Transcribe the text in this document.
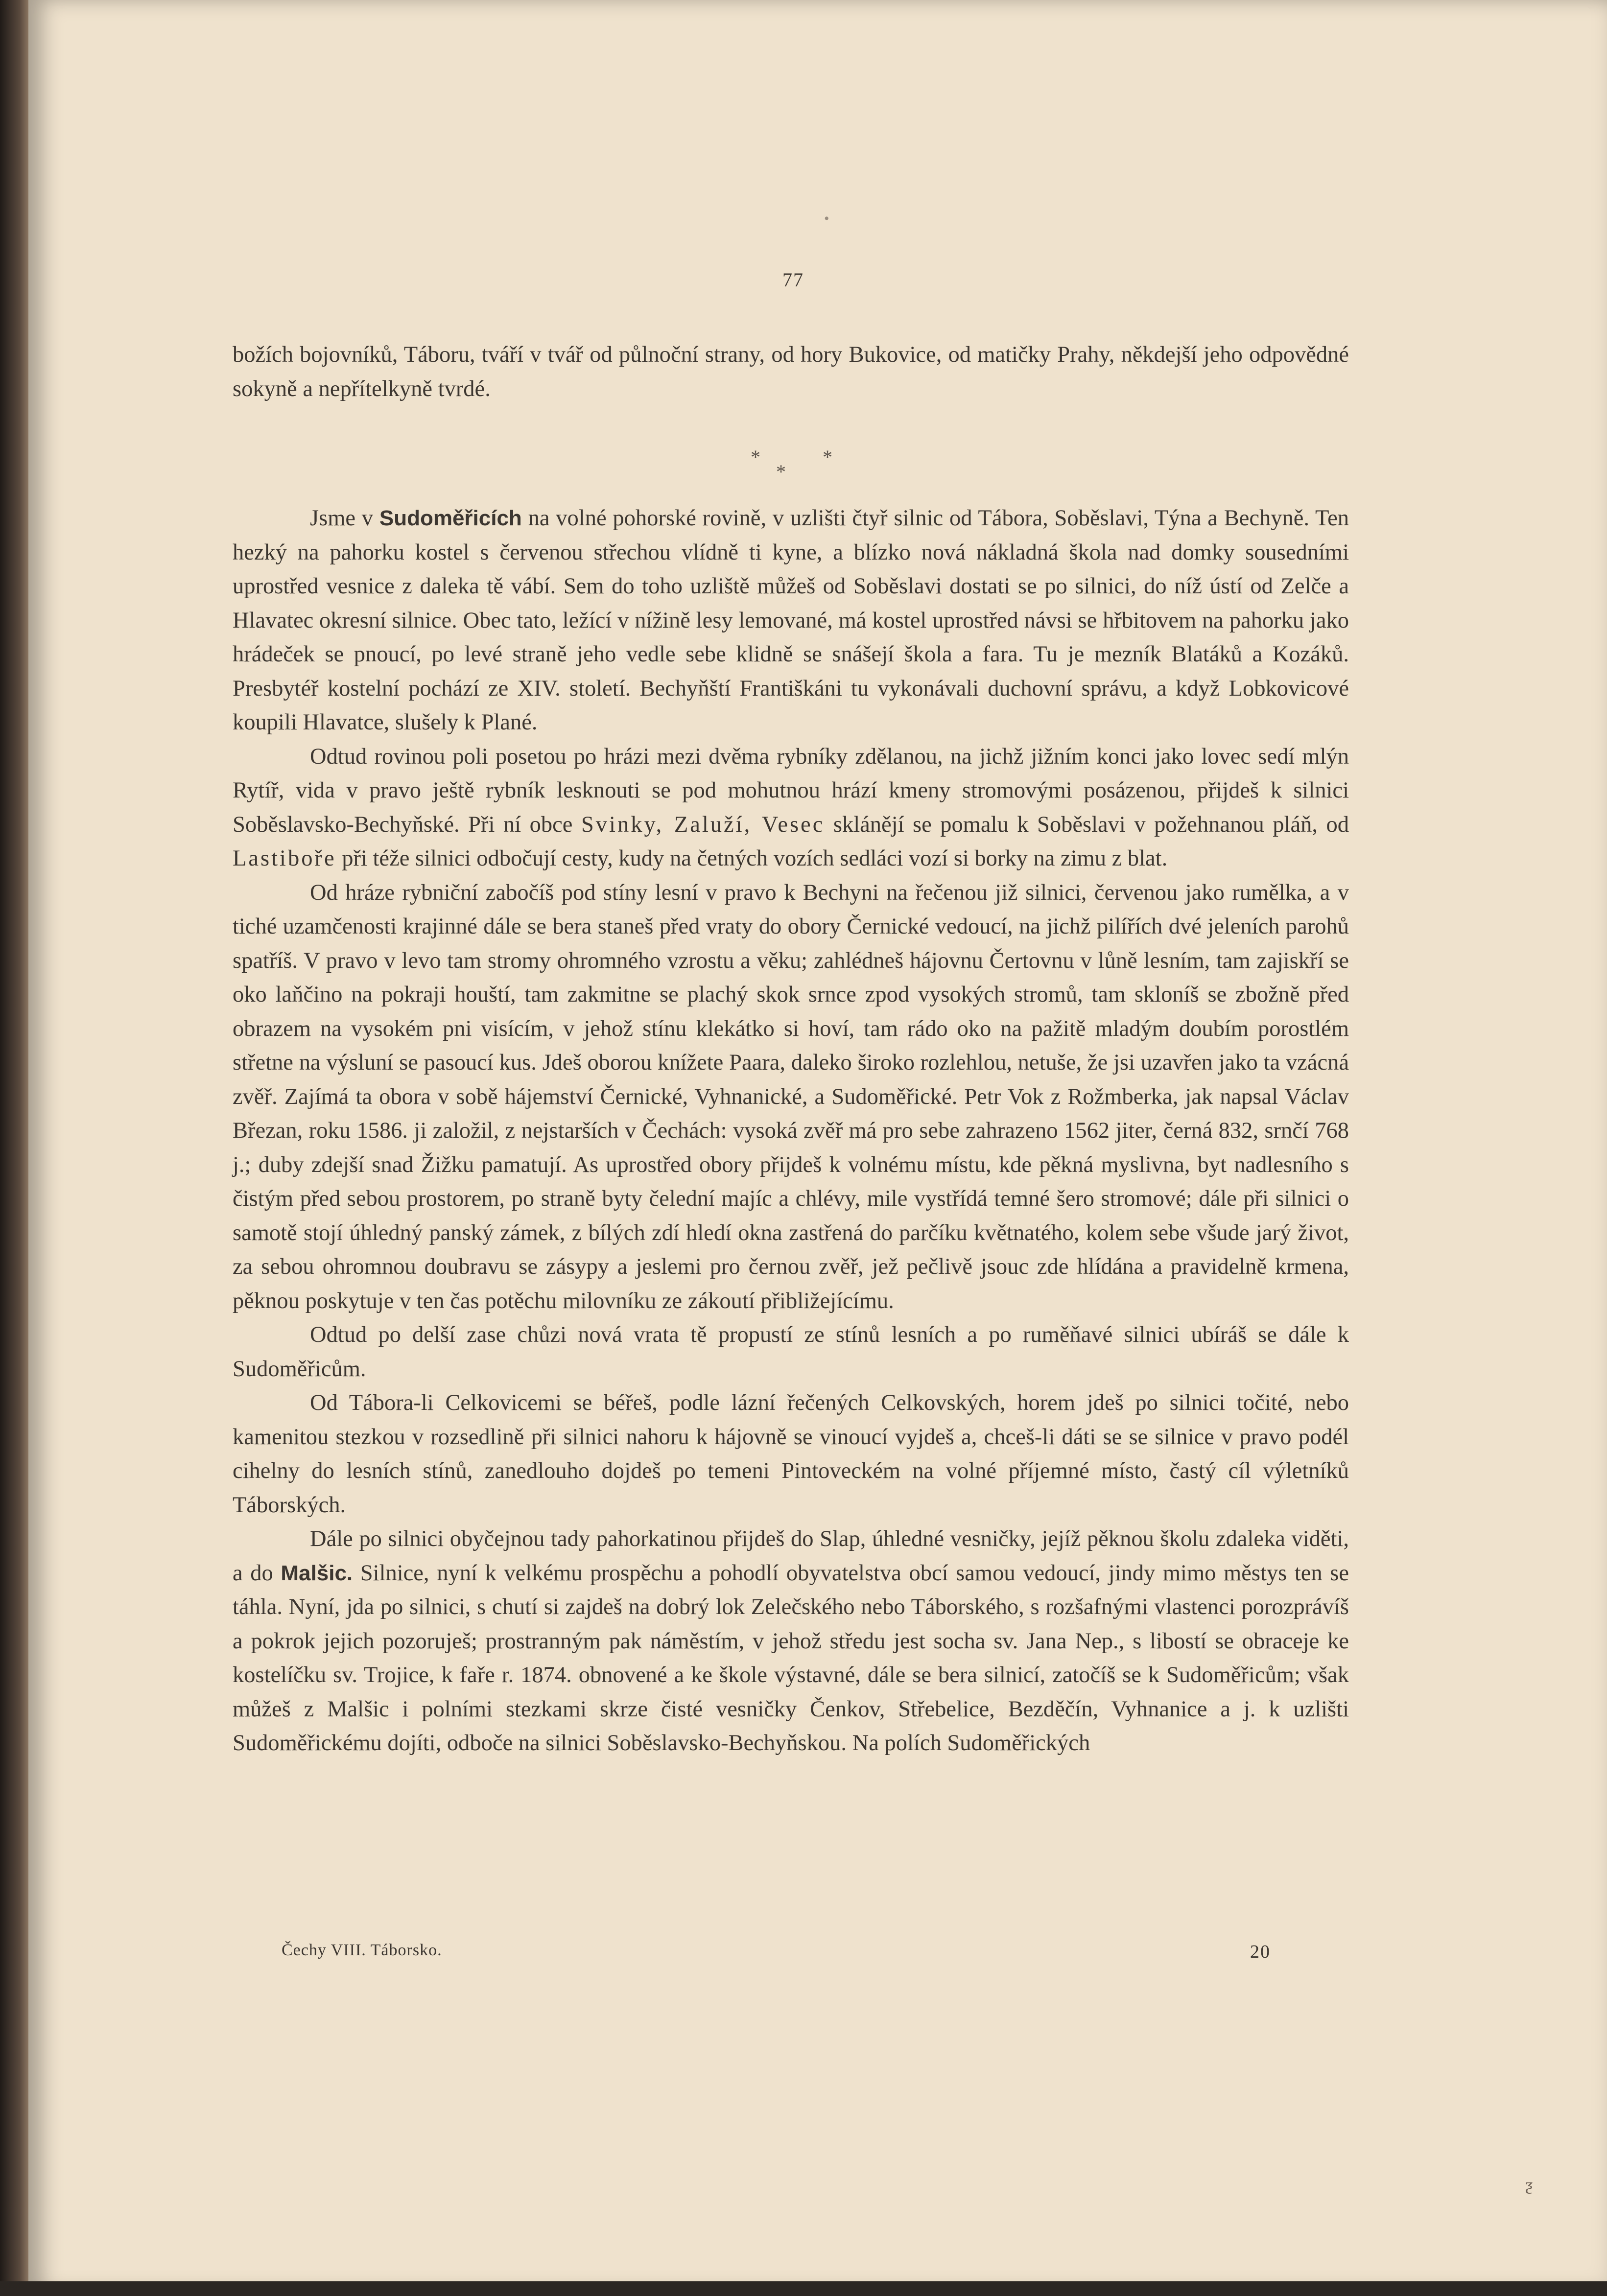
•
77

božích bojovníků, Táboru, tváří v tvář od půlnoční strany, od hory Bukovice, od matičky Prahy, někdejší jeho odpovědné sokyně a nepřítelkyně tvrdé.

*
*
*

Jsme v Sudoměřicích na volné pohorské rovině, v uzlišti čtyř silnic od Tábora, Soběslavi, Týna a Bechyně. Ten hezký na pahorku kostel s červenou střechou vlídně ti kyne, a blízko nová nákladná škola nad domky sousedními uprostřed vesnice z daleka tě vábí. Sem do toho uzliště můžeš od Soběslavi dostati se po silnici, do níž ústí od Zelče a Hlavatec okresní silnice. Obec tato, ležící v nížině lesy lemované, má kostel uprostřed návsi se hřbitovem na pahorku jako hrádeček se pnoucí, po levé straně jeho vedle sebe klidně se snášejí škola a fara. Tu je mezník Blatáků a Kozáků. Presbytéř kostelní pochází ze XIV. století. Bechyňští Františkáni tu vykonávali duchovní správu, a když Lobkovicové koupili Hlavatce, slušely k Plané.

Odtud rovinou poli posetou po hrázi mezi dvěma rybníky zdělanou, na jichž jižním konci jako lovec sedí mlýn Rytíř, vida v pravo ještě rybník lesknouti se pod mohutnou hrází kmeny stromovými posázenou, přijdeš k silnici Soběslavsko-Bechyňské. Při ní obce Svinky, Zaluží, Vesec sklánějí se pomalu k Soběslavi v požehnanou pláň, od Lastiboře při téže silnici odbočují cesty, kudy na četných vozích sedláci vozí si borky na zimu z blat.

Od hráze rybniční zabočíš pod stíny lesní v pravo k Bechyni na řečenou již silnici, červenou jako rumělka, a v tiché uzamčenosti krajinné dále se bera staneš před vraty do obory Černické vedoucí, na jichž pilířích dvé jeleních parohů spatříš. V pravo v levo tam stromy ohromného vzrostu a věku; zahlédneš hájovnu Čertovnu v lůně lesním, tam zajiskří se oko laňčino na pokraji houští, tam zakmitne se plachý skok srnce zpod vysokých stromů, tam skloníš se zbožně před obrazem na vysokém pni visícím, v jehož stínu klekátko si hoví, tam rádo oko na pažitě mladým doubím porostlém střetne na výsluní se pasoucí kus. Jdeš oborou knížete Paara, daleko široko rozlehlou, netuše, že jsi uzavřen jako ta vzácná zvěř. Zajímá ta obora v sobě hájemství Černické, Vyhnanické, a Sudoměřické. Petr Vok z Rožmberka, jak napsal Václav Březan, roku 1586. ji založil, z nejstarších v Čechách: vysoká zvěř má pro sebe zahrazeno 1562 jiter, černá 832, srnčí 768 j.; duby zdejší snad Žižku pamatují. As uprostřed obory přijdeš k volnému místu, kde pěkná myslivna, byt nadlesního s čistým před sebou prostorem, po straně byty čelední majíc a chlévy, mile vystřídá temné šero stromové; dále při silnici o samotě stojí úhledný panský zámek, z bílých zdí hledí okna zastřená do parčíku květnatého, kolem sebe všude jarý život, za sebou ohromnou doubravu se zásypy a jeslemi pro černou zvěř, jež pečlivě jsouc zde hlídána a pravidelně krmena, pěknou poskytuje v ten čas potěchu milovníku ze zákoutí přibližejícímu.

Odtud po delší zase chůzi nová vrata tě propustí ze stínů lesních a po ruměňavé silnici ubíráš se dále k Sudoměřicům.

Od Tábora-li Celkovicemi se béřeš, podle lázní řečených Celkovských, horem jdeš po silnici točité, nebo kamenitou stezkou v rozsedlině při silnici nahoru k hájovně se vinoucí vyjdeš a, chceš-li dáti se se silnice v pravo podél cihelny do lesních stínů, zanedlouho dojdeš po temeni Pintoveckém na volné příjemné místo, častý cíl výletníků Táborských.

Dále po silnici obyčejnou tady pahorkatinou přijdeš do Slap, úhledné vesničky, jejíž pěknou školu zdaleka viděti, a do Malšic. Silnice, nyní k velkému prospěchu a pohodlí obyvatelstva obcí samou vedoucí, jindy mimo městys ten se táhla. Nyní, jda po silnici, s chutí si zajdeš na dobrý lok Zelečského nebo Táborského, s rozšafnými vlastenci porozprávíš a pokrok jejich pozoruješ; prostranným pak náměstím, v jehož středu jest socha sv. Jana Nep., s libostí se obraceje ke kostelíčku sv. Trojice, k faře r. 1874. obnovené a ke škole výstavné, dále se bera silnicí, zatočíš se k Sudoměřicům; však můžeš z Malšic i polními stezkami skrze čisté vesničky Čenkov, Střebelice, Bezděčín, Vyhnanice a j. k uzlišti Sudoměřickému dojíti, odboče na silnici Soběslavsko-Bechyňskou. Na polích Sudoměřických

Čechy VIII. Táborsko.	20
ƺ
